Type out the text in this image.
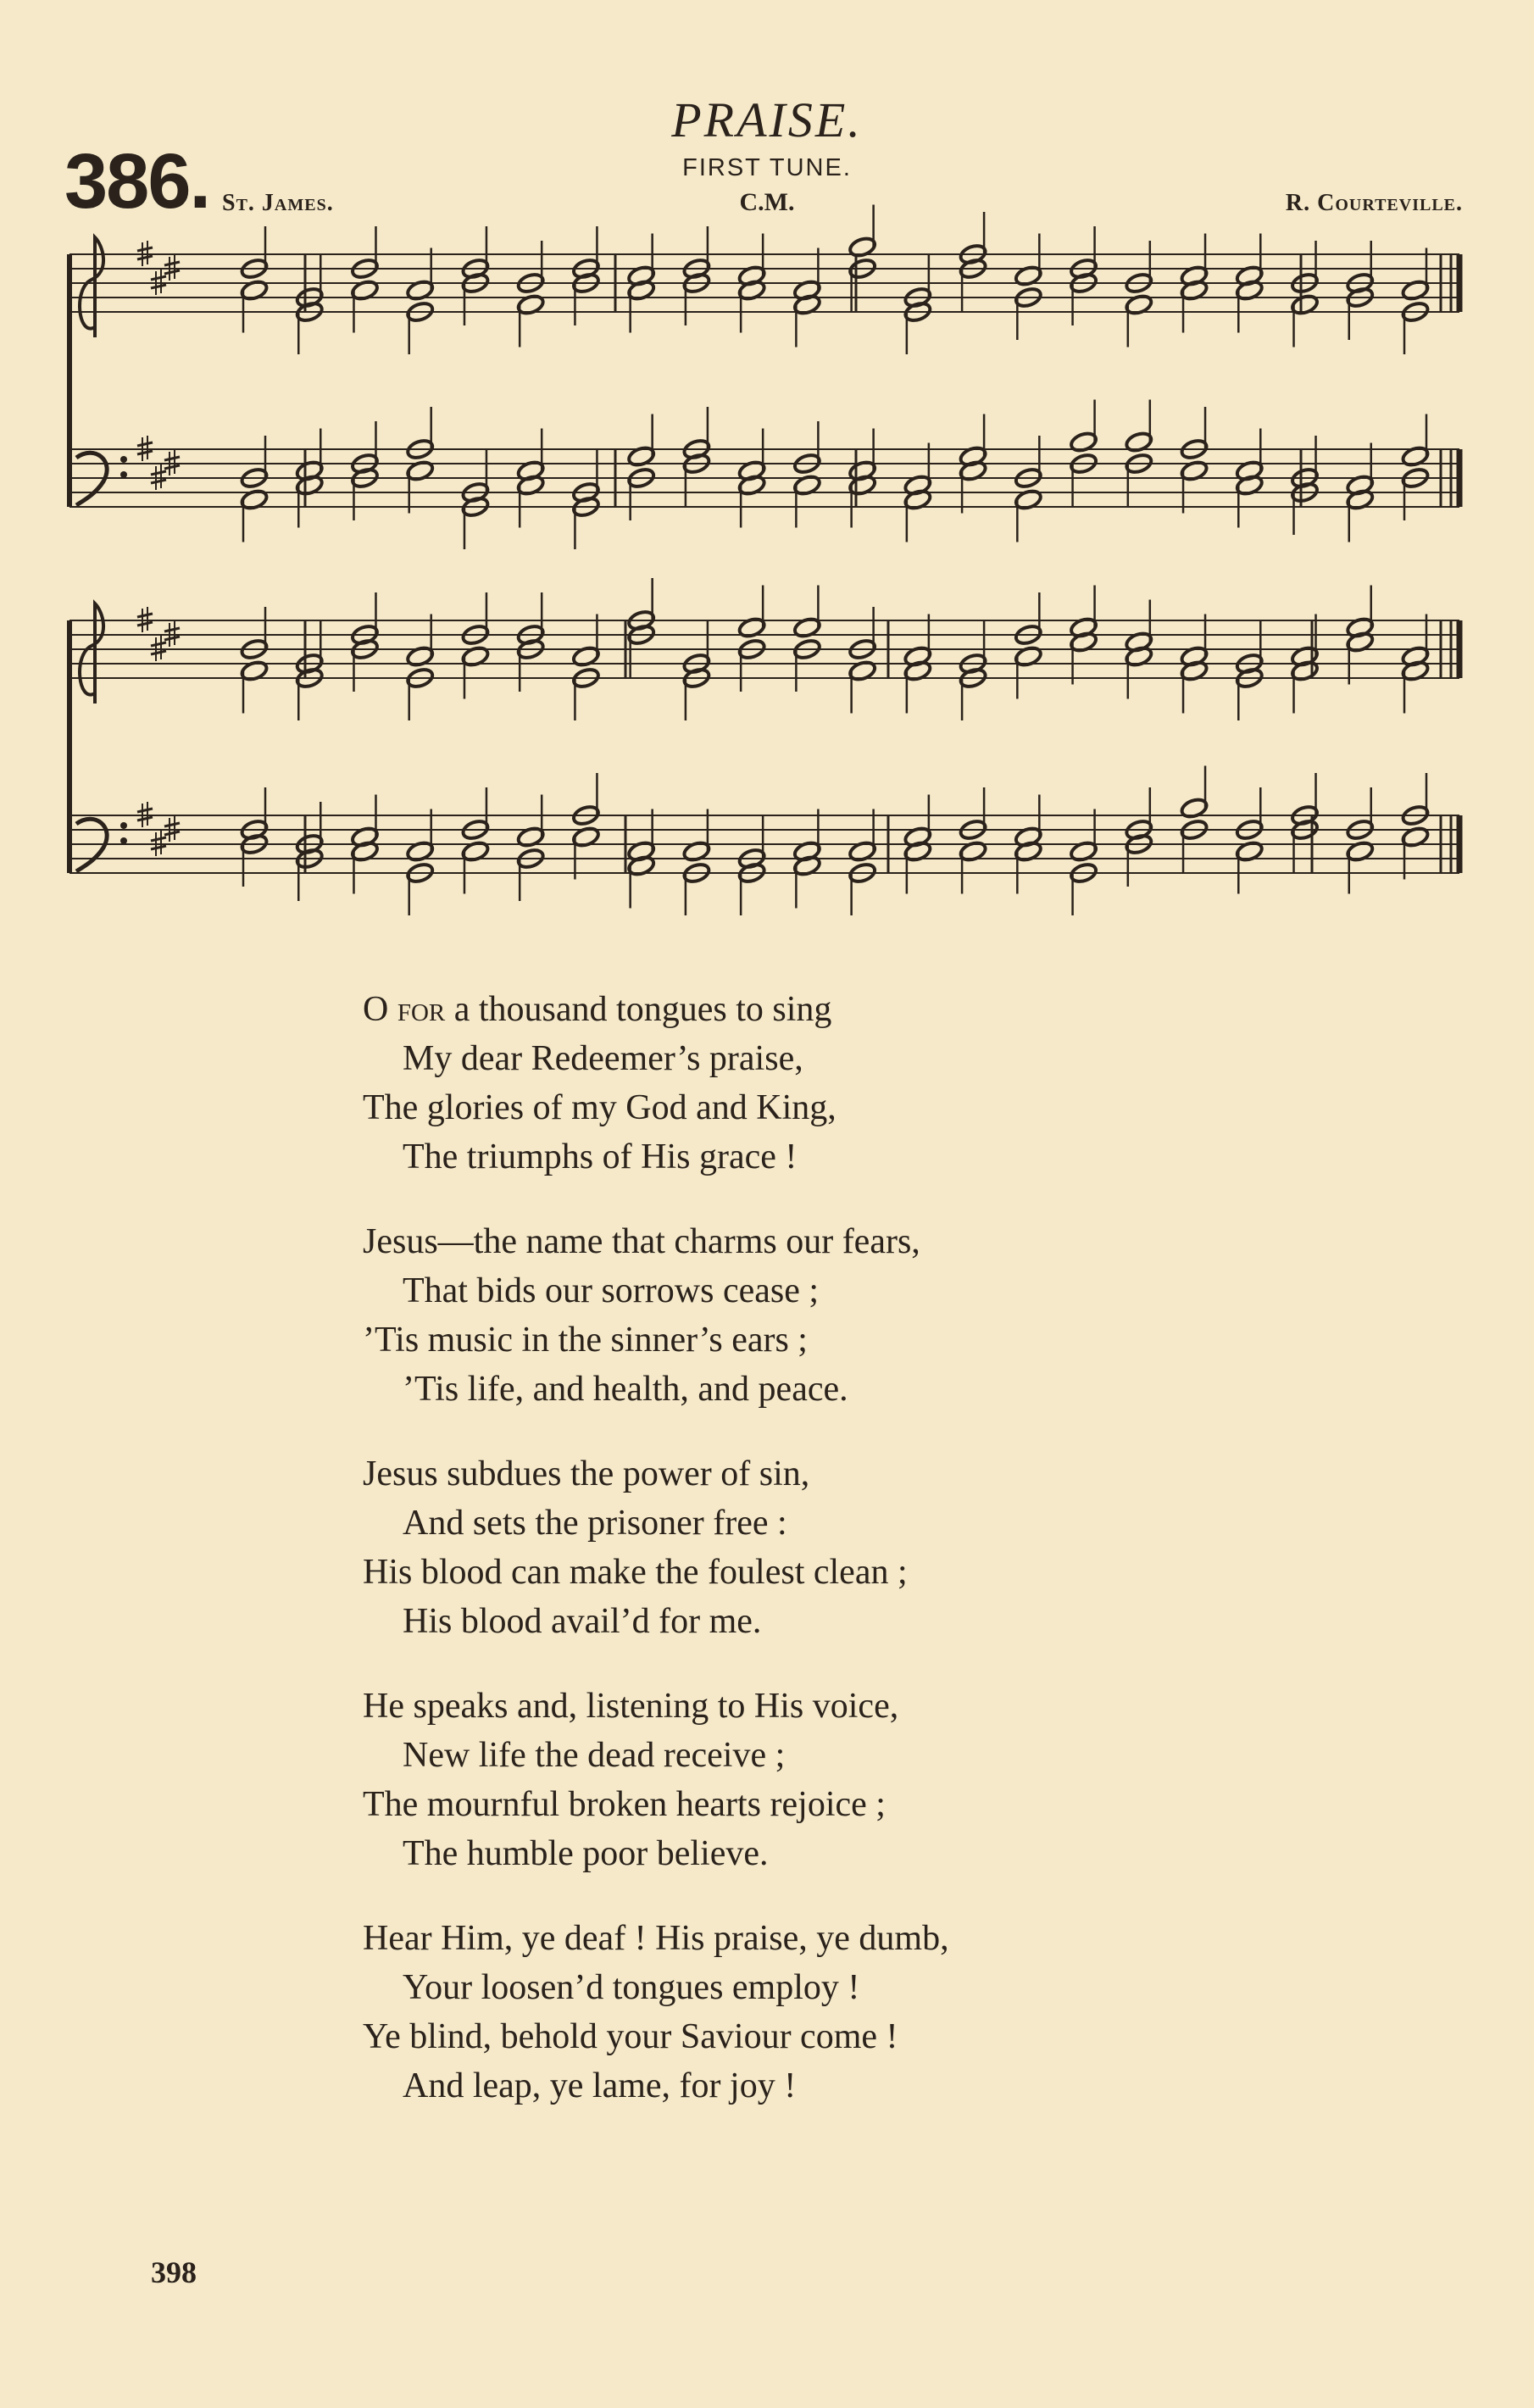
PRAISE.
386. St. James.
FIRST TUNE.
C.M.	R. Courteville.
O for a thousand tongues to sing
My dear Redeemer’s praise,
The glories of my God and King,
The triumphs of His grace !
Jesus—the name that charms our fears,
That bids our sorrows cease ;
’Tis music in the sinner’s ears ;
’Tis life, and health, and peace.
Jesus subdues the power of sin,
And sets the prisoner free :
His blood can make the foulest clean ;
His blood avail’d for me.
He speaks and, listening to His voice,
New life the dead receive ;
The mournful broken hearts rejoice ;
The humble poor believe.
Hear Him, ye deaf ! His praise, ye dumb,
Your loosen’d tongues employ !
Ye blind, behold your Saviour come !
And leap, ye lame, for joy !
398
